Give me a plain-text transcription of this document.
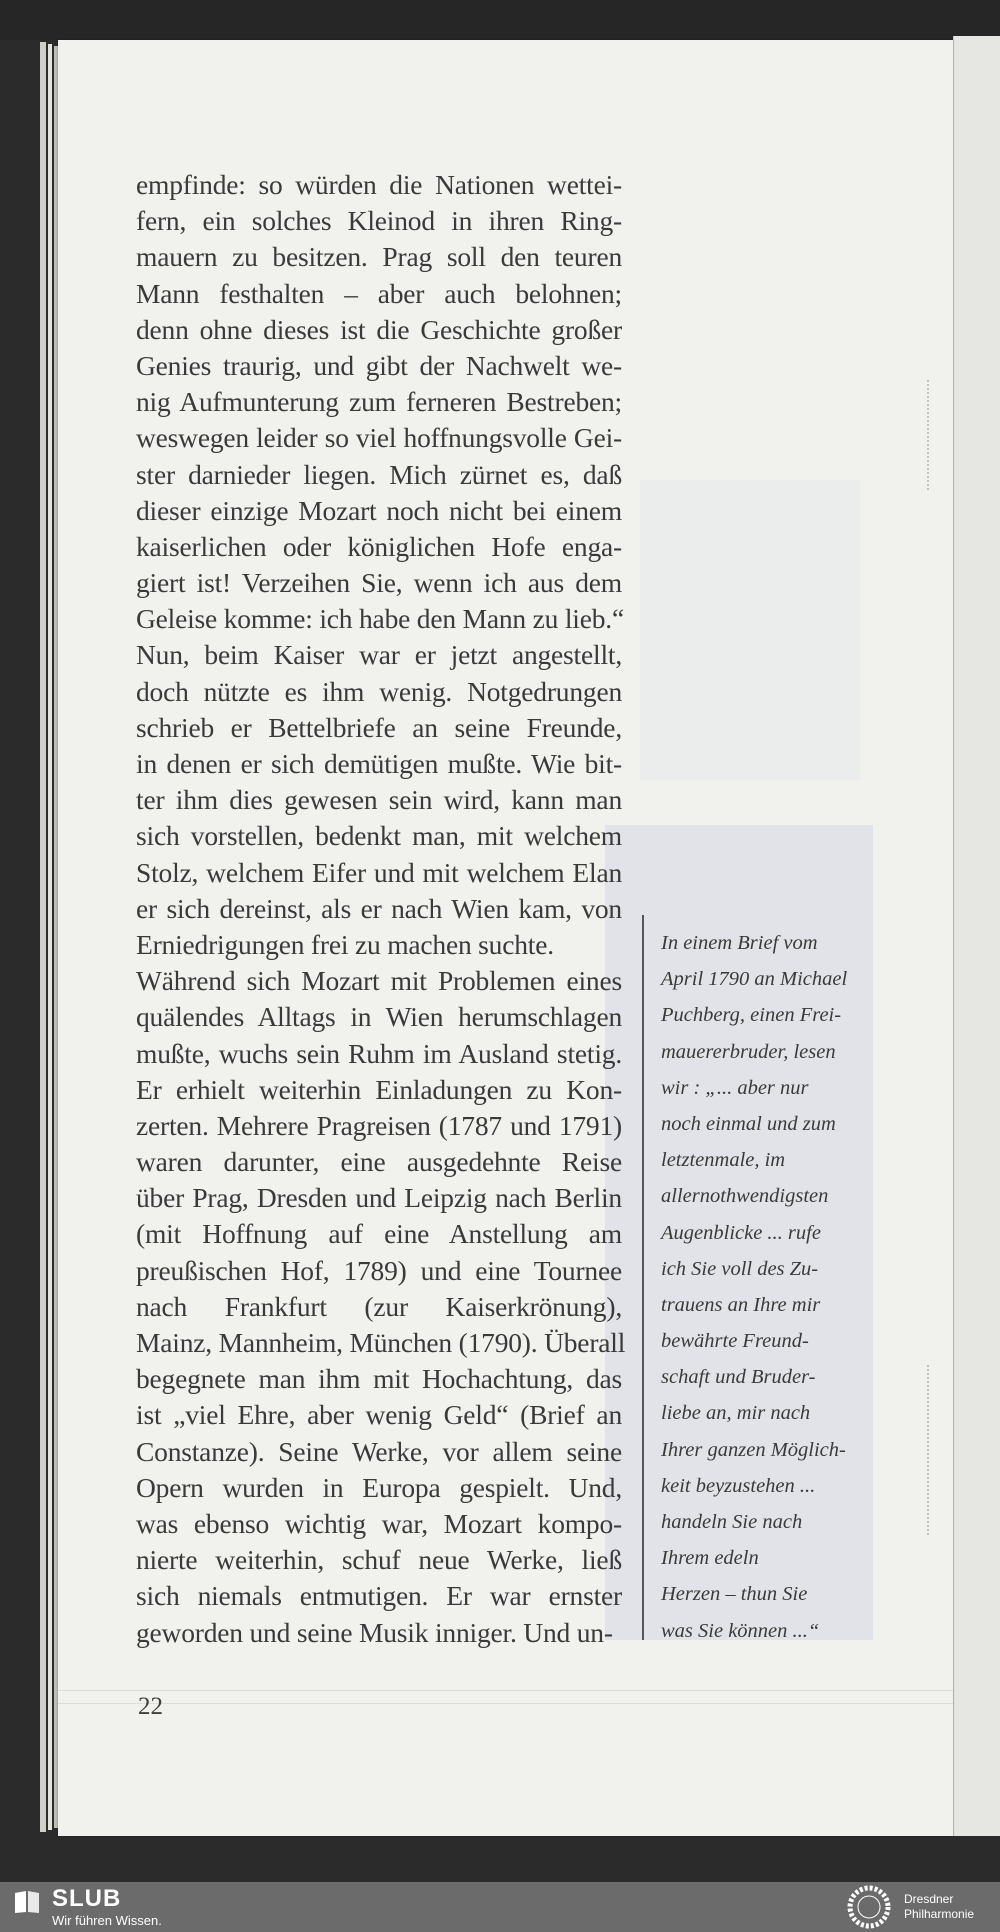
empfinde: so würden die Nationen wettei-
fern, ein solches Kleinod in ihren Ring-
mauern zu besitzen. Prag soll den teuren
Mann festhalten – aber auch belohnen;
denn ohne dieses ist die Geschichte großer
Genies traurig, und gibt der Nachwelt we-
nig Aufmunterung zum ferneren Bestreben;
weswegen leider so viel hoffnungsvolle Gei-
ster darnieder liegen. Mich zürnet es, daß
dieser einzige Mozart noch nicht bei einem
kaiserlichen oder königlichen Hofe enga-
giert ist! Verzeihen Sie, wenn ich aus dem
Geleise komme: ich habe den Mann zu lieb.“
Nun, beim Kaiser war er jetzt angestellt,
doch nützte es ihm wenig. Notgedrungen
schrieb er Bettelbriefe an seine Freunde,
in denen er sich demütigen mußte. Wie bit-
ter ihm dies gewesen sein wird, kann man
sich vorstellen, bedenkt man, mit welchem
Stolz, welchem Eifer und mit welchem Elan
er sich dereinst, als er nach Wien kam, von
Erniedrigungen frei zu machen suchte.
Während sich Mozart mit Problemen eines
quälendes Alltags in Wien herumschlagen
mußte, wuchs sein Ruhm im Ausland stetig.
Er erhielt weiterhin Einladungen zu Kon-
zerten. Mehrere Pragreisen (1787 und 1791)
waren darunter, eine ausgedehnte Reise
über Prag, Dresden und Leipzig nach Berlin
(mit Hoffnung auf eine Anstellung am
preußischen Hof, 1789) und eine Tournee
nach Frankfurt (zur Kaiserkrönung),
Mainz, Mannheim, München (1790). Überall
begegnete man ihm mit Hochachtung, das
ist „viel Ehre, aber wenig Geld“ (Brief an
Constanze). Seine Werke, vor allem seine
Opern wurden in Europa gespielt. Und,
was ebenso wichtig war, Mozart kompo-
nierte weiterhin, schuf neue Werke, ließ
sich niemals entmutigen. Er war ernster
geworden und seine Musik inniger. Und un-
In einem Brief vom
April 1790 an Michael
Puchberg, einen Frei-
mauererbruder, lesen
wir : „... aber nur
noch einmal und zum
letztenmale, im
allernothwendigsten
Augenblicke ... rufe
ich Sie voll des Zu-
trauens an Ihre mir
bewährte Freund-
schaft und Bruder-
liebe an, mir nach
Ihrer ganzen Möglich-
keit beyzustehen ...
handeln Sie nach
Ihrem edeln
Herzen – thun Sie
was Sie können ...“
22
SLUB
Wir führen Wissen.
Dresdner
Philharmonie
